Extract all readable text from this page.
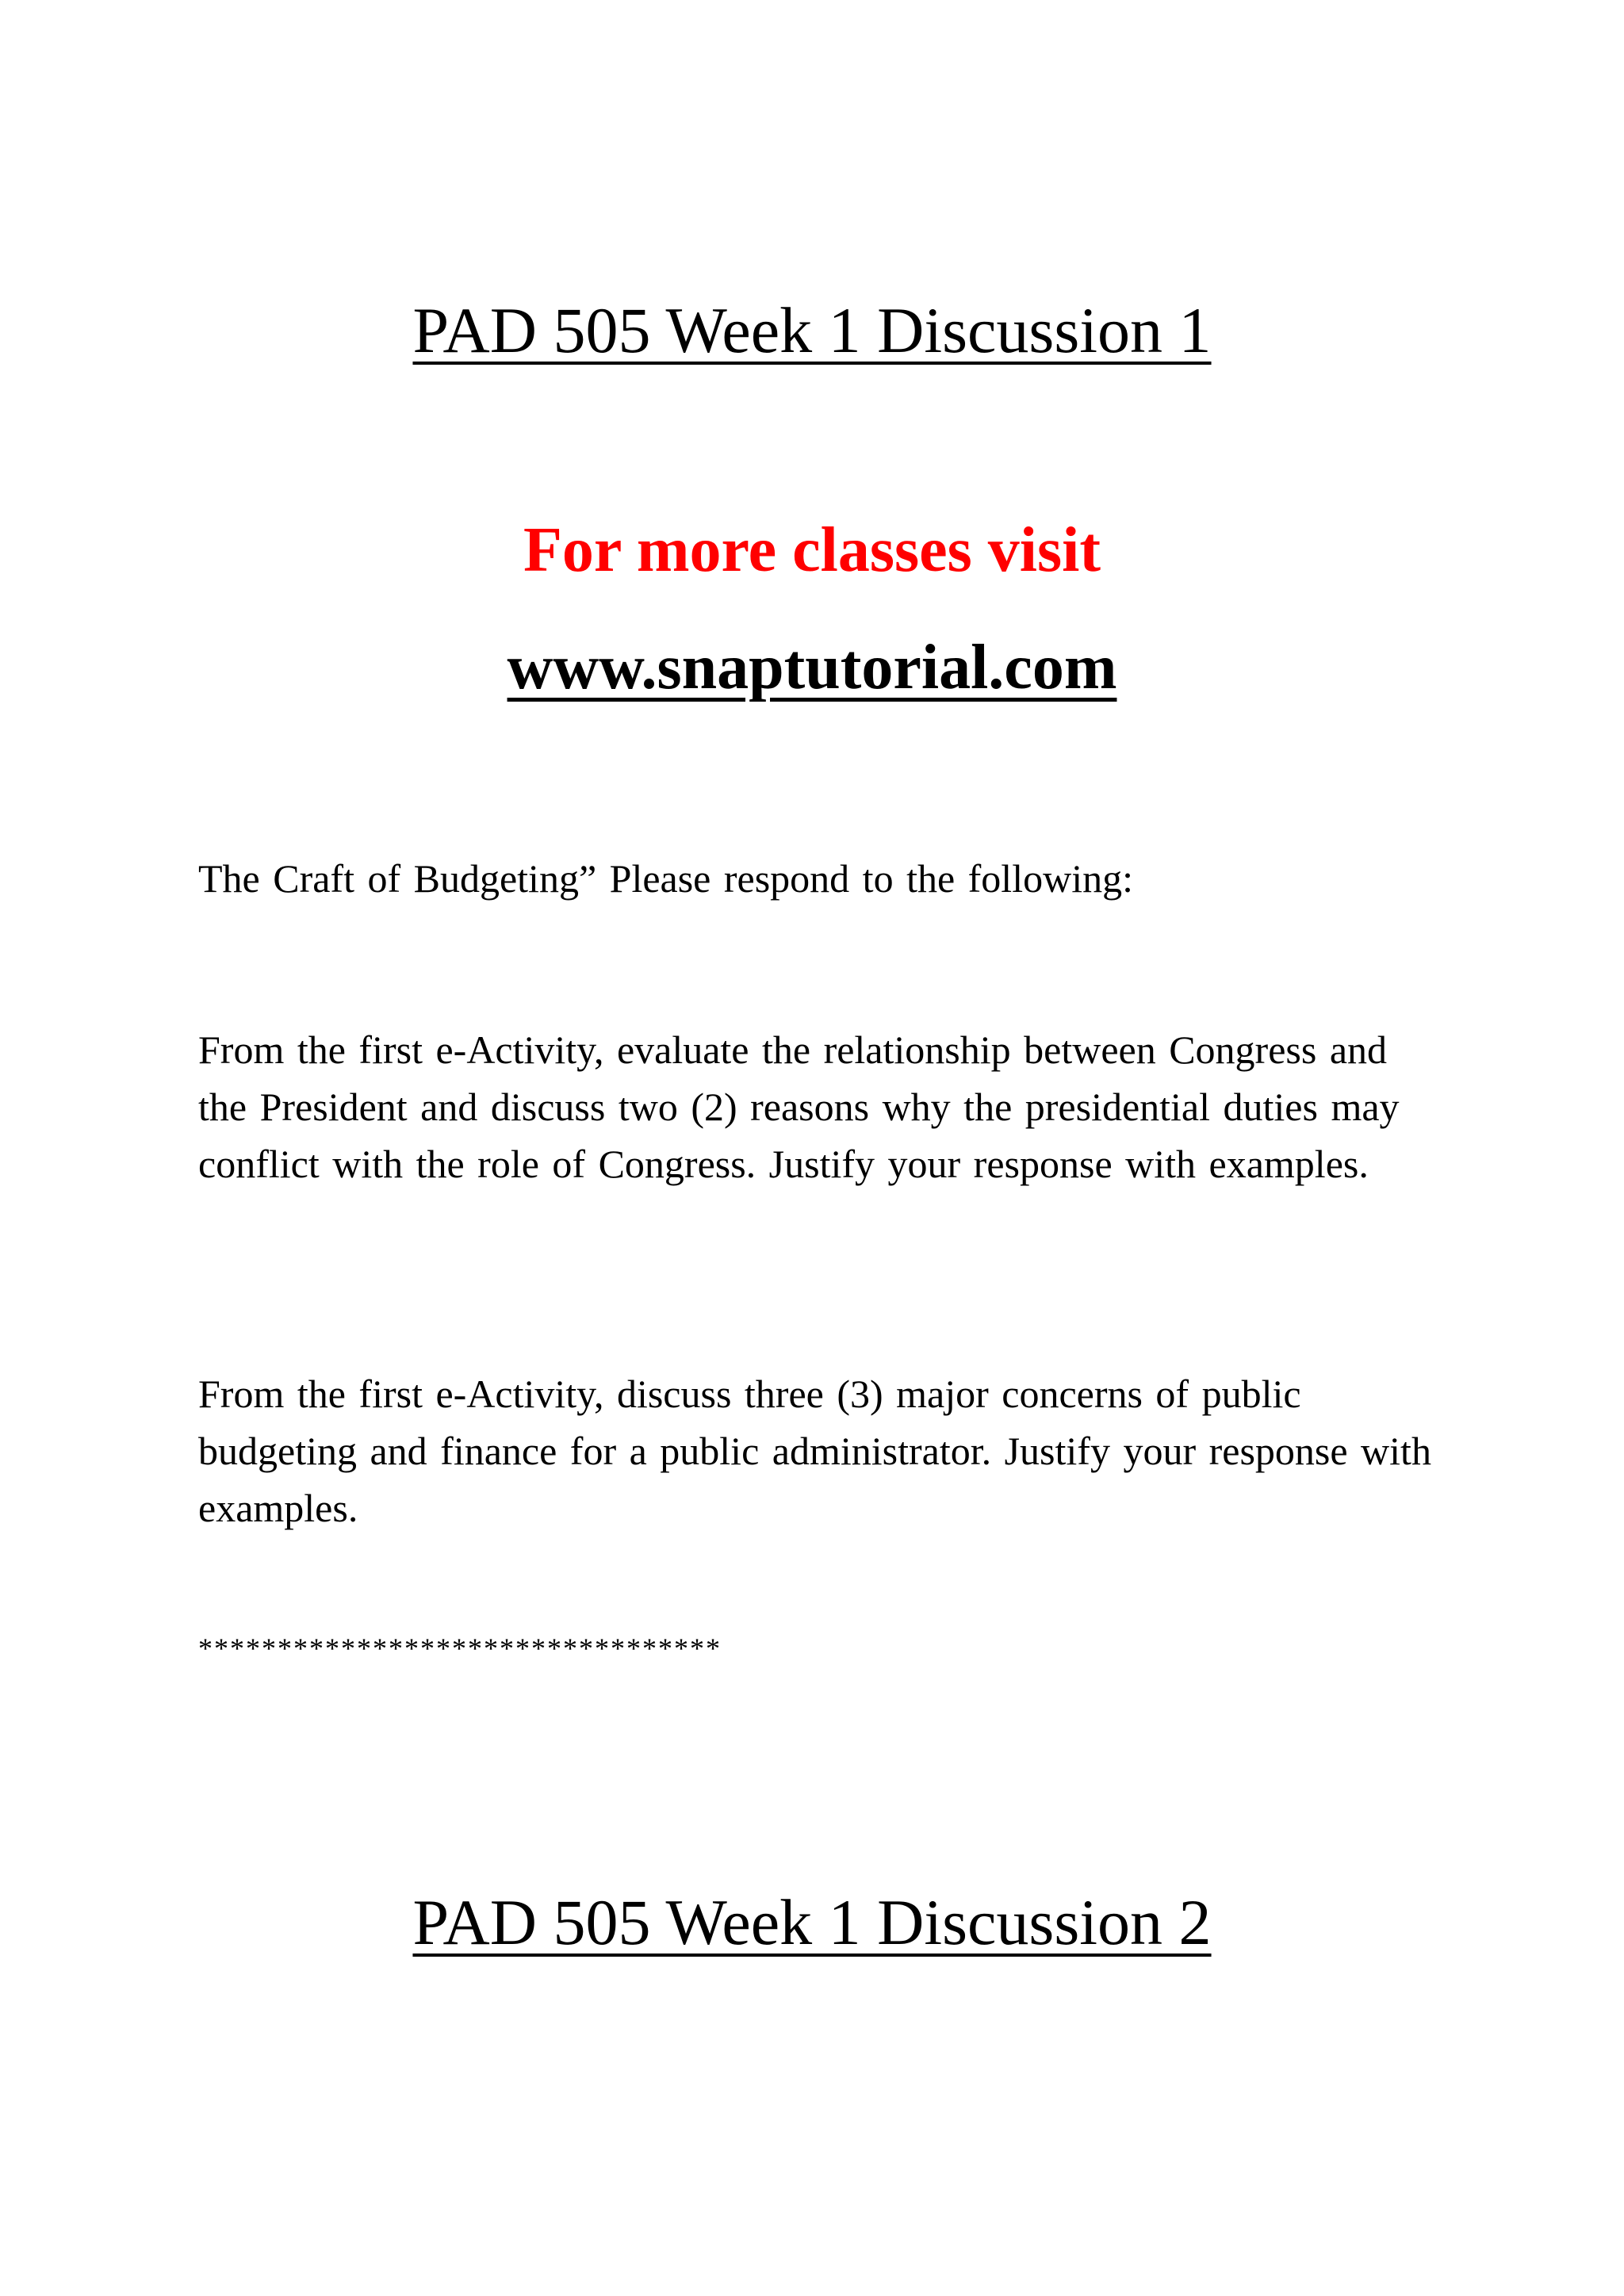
PAD 505 Week 1 Discussion 1

For more classes visit

www.snaptutorial.com

The Craft of Budgeting” Please respond to the following:

From the first e-Activity, evaluate the relationship between Congress and the President and discuss two (2) reasons why the presidential duties may conflict with the role of Congress. Justify your response with examples.

From the first e-Activity, discuss three (3) major concerns of public budgeting and finance for a public administrator. Justify your response with examples.

*********************************

PAD 505 Week 1 Discussion 2
